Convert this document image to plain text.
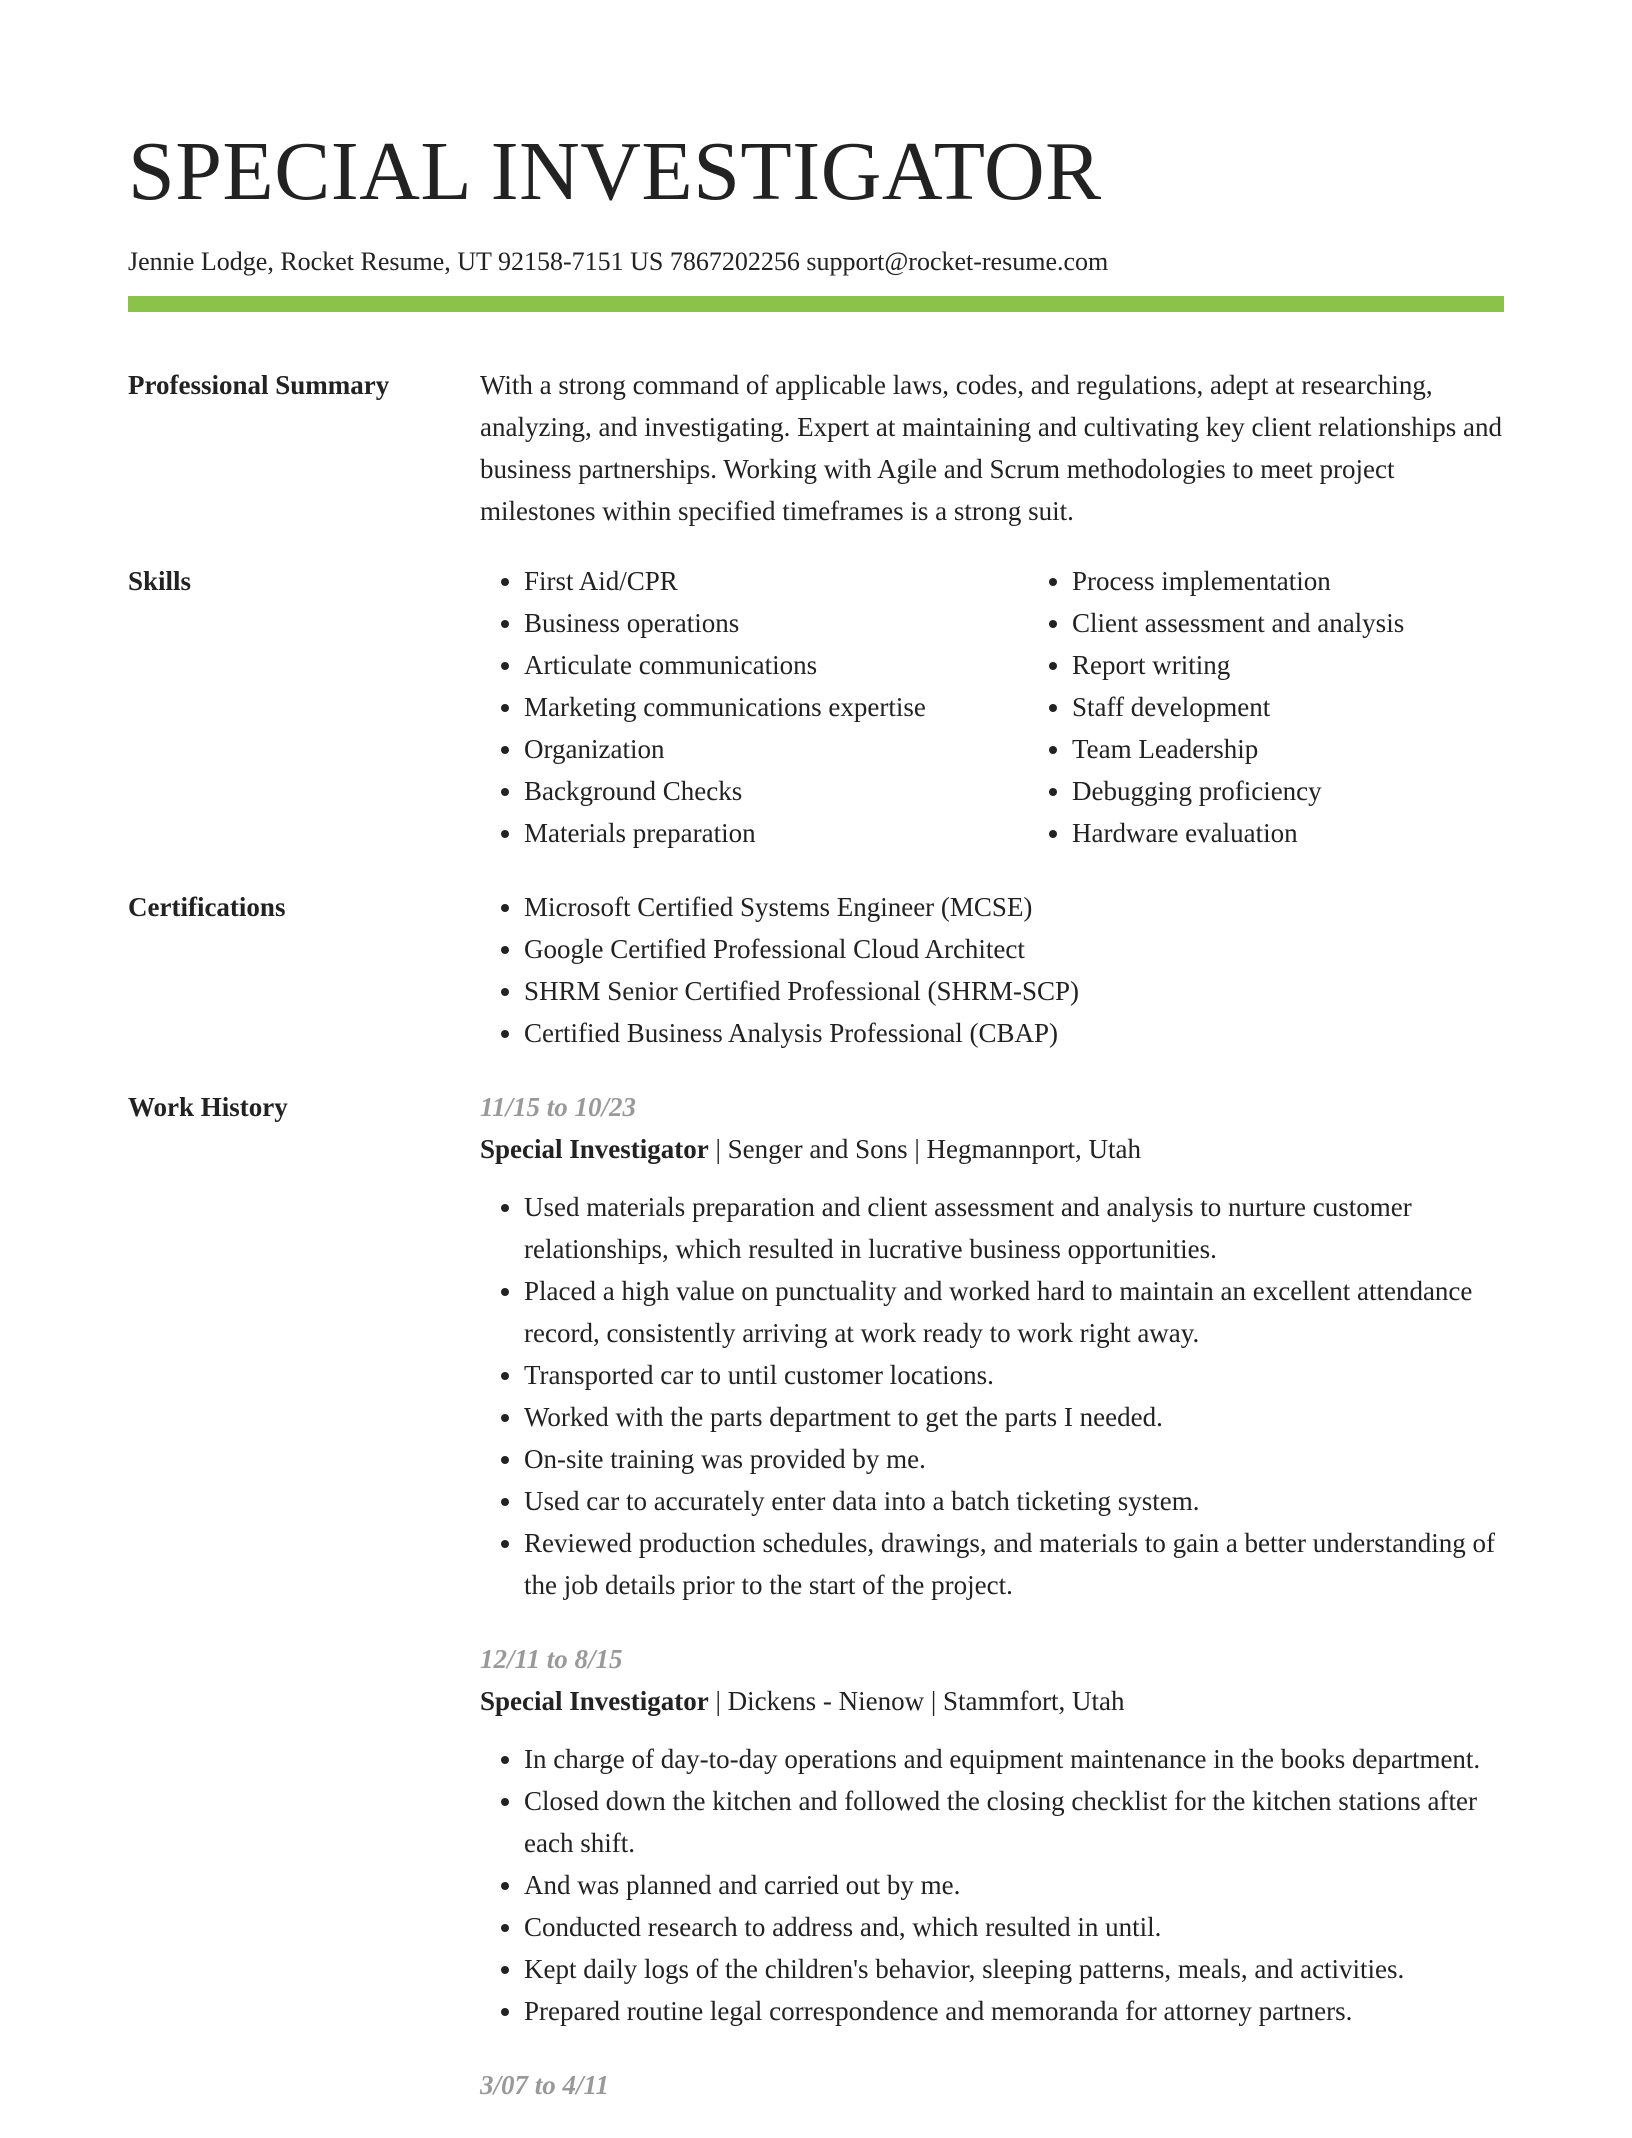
SPECIAL INVESTIGATOR
Jennie Lodge, Rocket Resume, UT 92158-7151 US 7867202256 support@rocket-resume.com
Professional Summary	With a strong command of applicable laws, codes, and regulations, adept at researching, analyzing, and investigating. Expert at maintaining and cultivating key client relationships and business partnerships. Working with Agile and Scrum methodologies to meet project milestones within specified timeframes is a strong suit.

Skills	• First Aid/CPR
• Business operations
• Articulate communications
• Marketing communications expertise
• Organization
• Background Checks
• Materials preparation
• Process implementation
• Client assessment and analysis
• Report writing
• Staff development
• Team Leadership
• Debugging proficiency
• Hardware evaluation
Certifications	• Microsoft Certified Systems Engineer (MCSE)
• Google Certified Professional Cloud Architect
• SHRM Senior Certified Professional (SHRM-SCP)
• Certified Business Analysis Professional (CBAP)
Work History	11/15 to 10/23
Special Investigator | Senger and Sons | Hegmannport, Utah
• Used materials preparation and client assessment and analysis to nurture customer relationships, which resulted in lucrative business opportunities.
• Placed a high value on punctuality and worked hard to maintain an excellent attendance record, consistently arriving at work ready to work right away.
• Transported car to until customer locations.
• Worked with the parts department to get the parts I needed.
• On-site training was provided by me.
• Used car to accurately enter data into a batch ticketing system.
• Reviewed production schedules, drawings, and materials to gain a better understanding of the job details prior to the start of the project.
12/11 to 8/15
Special Investigator | Dickens - Nienow | Stammfort, Utah
• In charge of day-to-day operations and equipment maintenance in the books department.
• Closed down the kitchen and followed the closing checklist for the kitchen stations after each shift.
• And was planned and carried out by me.
• Conducted research to address and, which resulted in until.
• Kept daily logs of the children's behavior, sleeping patterns, meals, and activities.
• Prepared routine legal correspondence and memoranda for attorney partners.
3/07 to 4/11
